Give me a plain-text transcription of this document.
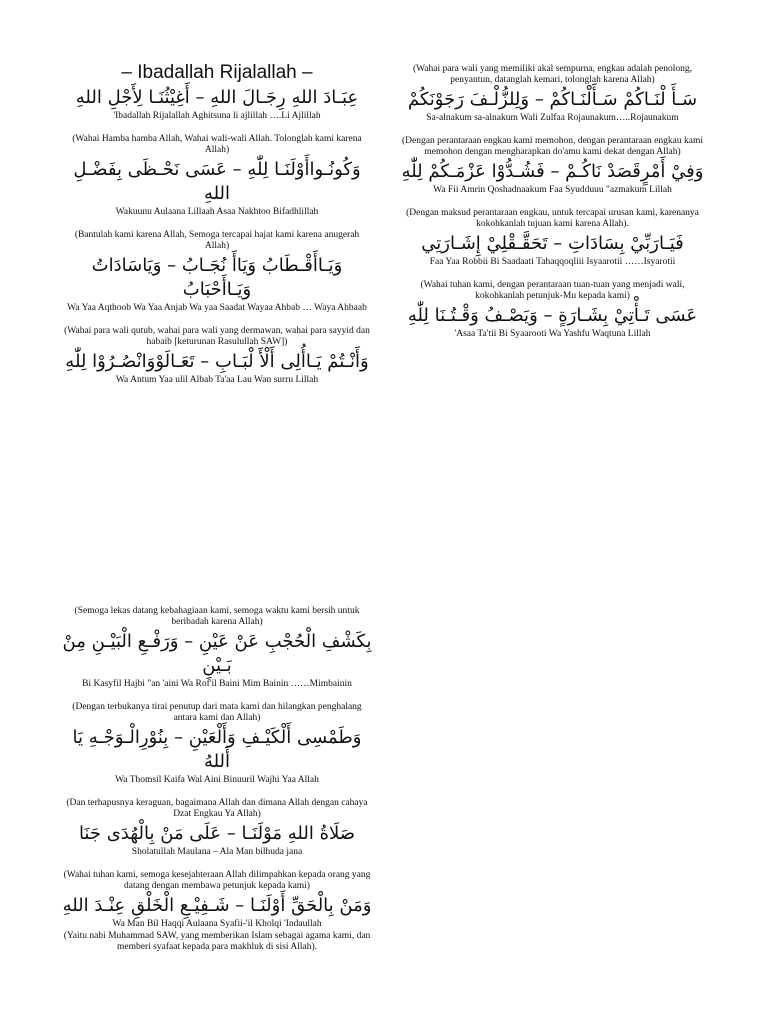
– Ibadallah Rijalallah –

عِبَـادَ اللهِ رِجَـالَ اللهِ – أَغِيْثُنَـا لِأَجْلِ اللهِ

'Ibadallah Rijalallah Aghitsuna li ajlillah ….Li Ajlillah

(Wahai Hamba hamba Allah, Wahai wali-wali Allah. Tolonglah kami karena Allah)

وَكُونُـواأَوْلَنَـا لِلّٰهِ – عَسَى نَحْـظَى بِفَضْـلِ اللهِ

Wakuunu Aulaana Lillaah Asaa Nakhtoo Bifadhlillah

(Bantulah kami karena Allah, Semoga tercapai hajat kami karena anugerah Allah)

وَيَـاأَقْـطَابُ وَيَاأَ نُجَـابُ – وَيَاسَادَاتُ وَيَـاأَحْبَابُ

Wa Yaa Aqthoob Wa Yaa Anjab Wa yaa Saadat Wayaa Ahbab … Waya Ahbaab

(Wahai para wali qutub, wahai para wali yang dermawan, wahai para sayyid dan habaib [keturunan Rasulullah SAW])

وَأَنْـتُمْ يَـاأُلِى أَلْأَ لْبَـابِ – تَعَـالَوْوَانْصُـرُوْا لِلّٰهِ

Wa Antum Yaa ulil Albab Ta'aa Lau Wan surru Lillah

(Wahai para wali yang memiliki akal sempurna, engkau adalah penolong, penyantun, datanglah kemari, tolonglah karena Allah)

سَـأَ لْنَـاكُمْ سَـأَلْنَـاكُمْ – وَلِلزُّلْـفَ رَجَوْنَكُمْ

Sa-alnakum sa-alnakum Wali Zulfaa Rojaunakum…..Rojaunakum

(Dengan perantaraan engkau kami memohon, dengan perantaraan engkau kami memohon dengan mengharapkan do'amu kami dekat dengan Allah)

وَفِيْ أَمْرٍقَصَدْ نَاكُـمْ – فَشُـدُّوْا عَزْمَـكُمْ لِلّٰهِ

Wa Fii Amrin Qoshadnaakum Faa Syudduuu "azmakum Lillah

(Dengan maksud perantaraan engkau, untuk tercapai urusan kami, karenanya kokohkanlah tujuan kami karena Allah).

فَيَـارَبِّيْ بِسَادَاتِ – تَحَقَّـقْلِيْ إِشَـارَتِي

Faa Yaa Robbii Bi Saadaati Tahaqqoqliii Isyaarotii ……Isyarotii

(Wahai tuhan kami, dengan perantaraan tuan-tuan yang menjadi wali, kokohkanlah petunjuk-Mu kepada kami)

عَسَى تَـأْتِيْ بِشَـارَةٍ – وَيَصْـفُ وَقْـتُـنَا لِلّٰهِ

'Asaa Ta'tii Bi Syaarooti Wa Yashfu Waqtuna Lillah

(Semoga lekas datang kebahagiaan kami, semoga waktu kami bersih untuk beribadah karena Allah)

بِكَشْفِ الْحُجْبِ عَنْ عَيْنِ – وَرَفْـعِ الْبَيْـنِ مِنْ بَـيْنِ

Bi Kasyfil Hajbi "an 'aini Wa Rof'il Baini Mim Bainin ……Mimbainin

(Dengan terbukanya tirai penutup dari mata kami dan hilangkan penghalang antara kami dan Allah)

وَطَمْسِى أَلْكَيْـفِ وَأَلْعَيْنِ – بِنُوْرِالْـوَجْـهِ يَا أَللهُ

Wa Thomsil Kaifa Wal Aini Binuuril Wajhi Yaa Allah

(Dan terhapusnya keraguan, bagaimana Allah dan dimana Allah dengan cahaya Dzat Engkau Ya Allah)

صَلَاةُ اللهِ مَوْلَنَـا – عَلَى مَنْ بِالْهُدَى جَنَا

Sholatullah Maulana – Ala Man bilhuda jana

(Wahai tuhan kami, semoga kesejahteraan Allah dilimpahkan kepada orang yang datang dengan membawa petunjuk kepada kami)

وَمَنْ بِالْحَقِّ أَوْلَنَـا – شَـفِيْـعِ الْخَلْقِ عِنْـدَ اللهِ

Wa Man Bil Haqqi Aulaana Syafii-'il Kholqi 'Indaullah

(Yaitu nabi Muhammad SAW, yang memberikan Islam sebagai agama kami, dan memberi syafaat kepada para makhluk di sisi Allah).
